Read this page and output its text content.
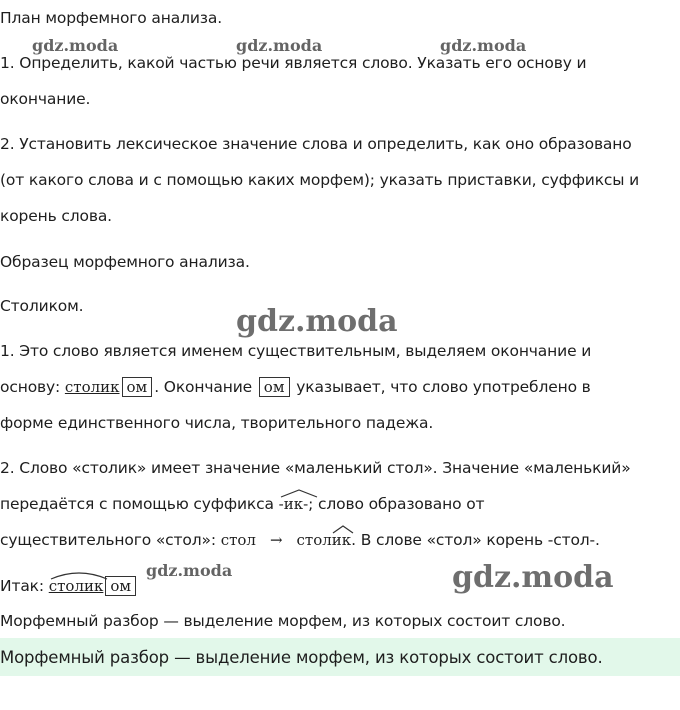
План морфемного анализа.
gdz.moda	gdz.moda	gdz.moda
1. Определить, какой частью речи является слово. Указать его основу и
окончание.
2. Установить лексическое значение слова и определить, как оно образовано
(от какого слова и с помощью каких морфем); указать приставки, суффиксы и
корень слова.
Образец морфемного анализа.
Столиком.	gdz.moda
1. Это слово является именем существительным, выделяем окончание и
основу: столик ом . Окончание ом указывает, что слово употреблено в
форме единственного числа, творительного падежа.
2. Слово «столик» имеет значение «маленький стол». Значение «маленький»
передаётся с помощью суффикса
-ик-; слово образовано от
существительного «стол»: стол → стол
ик. В слове «стол» корень -стол-.
Итак:
столик ом
gdz.moda	gdz.moda
Морфемный разбор — выделение морфем, из которых состоит слово.
Морфемный разбор — выделение морфем, из которых состоит слово.
